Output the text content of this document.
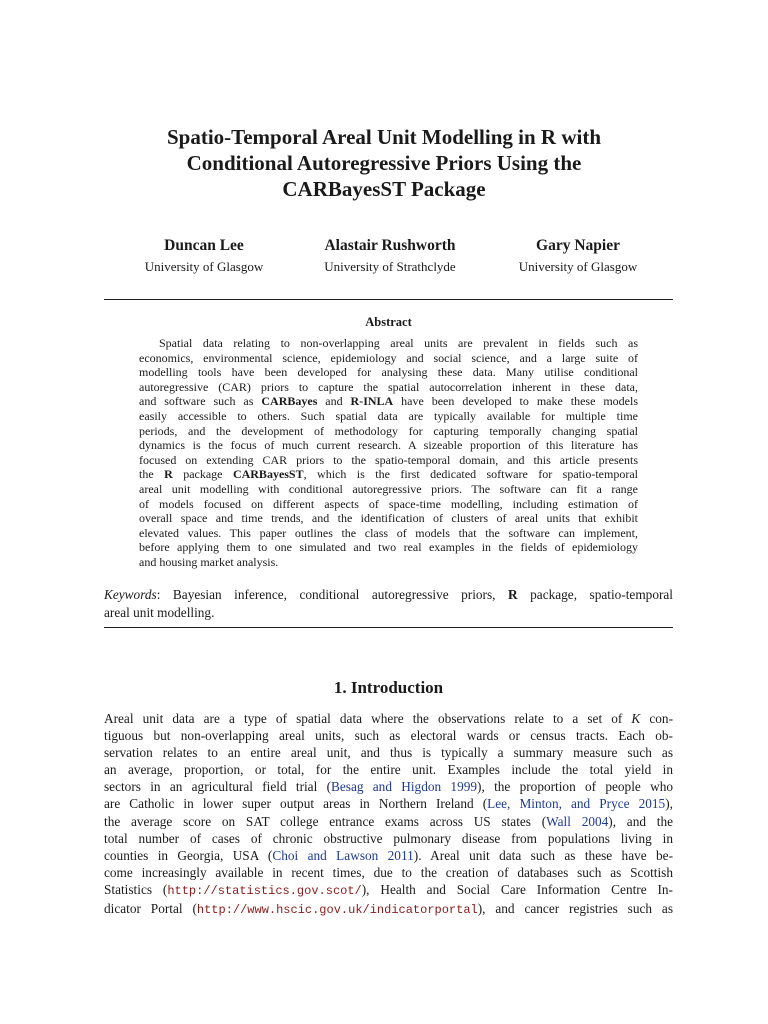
Spatio-Temporal Areal Unit Modelling in R with
Conditional Autoregressive Priors Using the
CARBayesST Package
Duncan Lee
University of Glasgow
Alastair Rushworth
University of Strathclyde
Gary Napier
University of Glasgow
Abstract
Spatial data relating to non-overlapping areal units are prevalent in fields such as
economics, environmental science, epidemiology and social science, and a large suite of
modelling tools have been developed for analysing these data. Many utilise conditional
autoregressive (CAR) priors to capture the spatial autocorrelation inherent in these data,
and software such as CARBayes and R-INLA have been developed to make these models
easily accessible to others. Such spatial data are typically available for multiple time
periods, and the development of methodology for capturing temporally changing spatial
dynamics is the focus of much current research. A sizeable proportion of this literature has
focused on extending CAR priors to the spatio-temporal domain, and this article presents
the R package CARBayesST, which is the first dedicated software for spatio-temporal
areal unit modelling with conditional autoregressive priors. The software can fit a range
of models focused on different aspects of space-time modelling, including estimation of
overall space and time trends, and the identification of clusters of areal units that exhibit
elevated values. This paper outlines the class of models that the software can implement,
before applying them to one simulated and two real examples in the fields of epidemiology
and housing market analysis.
Keywords: Bayesian inference, conditional autoregressive priors, R package, spatio-temporal
areal unit modelling.
1. Introduction
Areal unit data are a type of spatial data where the observations relate to a set of K con-
tiguous but non-overlapping areal units, such as electoral wards or census tracts. Each ob-
servation relates to an entire areal unit, and thus is typically a summary measure such as
an average, proportion, or total, for the entire unit. Examples include the total yield in
sectors in an agricultural field trial (Besag and Higdon 1999), the proportion of people who
are Catholic in lower super output areas in Northern Ireland (Lee, Minton, and Pryce 2015),
the average score on SAT college entrance exams across US states (Wall 2004), and the
total number of cases of chronic obstructive pulmonary disease from populations living in
counties in Georgia, USA (Choi and Lawson 2011). Areal unit data such as these have be-
come increasingly available in recent times, due to the creation of databases such as Scottish
Statistics (http://statistics.gov.scot/), Health and Social Care Information Centre In-
dicator Portal (http://www.hscic.gov.uk/indicatorportal), and cancer registries such as
